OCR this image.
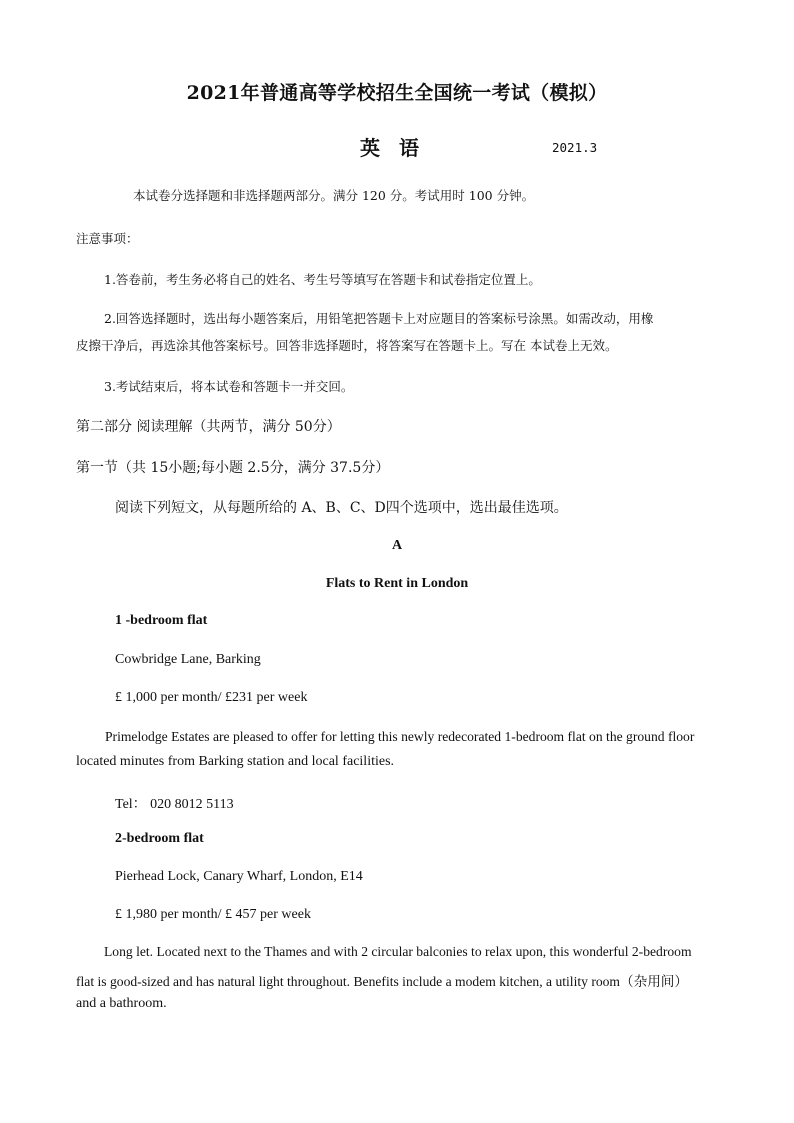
2021年普通高等学校招生全国统一考试（模拟）

英 语	2021.3

本试卷分选择题和非选择题两部分。满分 120 分。考试用时 100 分钟。

注意事项：

1.答卷前，考生务必将自己的姓名、考生号等填写在答题卡和试卷指定位置上。

2.回答选择题时，选出每小题答案后，用铅笔把答题卡上对应题目的答案标号涂黑。如需改动，用橡

皮擦干净后，再选涂其他答案标号。回答非选择题时，将答案写在答题卡上。写在 本试卷上无效。

3.考试结束后，将本试卷和答题卡一并交回。

第二部分 阅读理解（共两节，满分 50分）

第一节（共 15小题;每小题 2.5分，满分 37.5分）

阅读下列短文，从每题所给的 A、B、C、D四个选项中，选出最佳选项。

A

Flats to Rent in London

1 -bedroom flat

Cowbridge Lane, Barking

£ 1,000 per month/ £231 per week

Primelodge Estates are pleased to offer for letting this newly redecorated 1-bedroom flat on the ground floor

located minutes from Barking station and local facilities.

Tel： 020 8012 5113

2-bedroom flat

Pierhead Lock, Canary Wharf, London, E14

£ 1,980 per month/ £ 457 per week

Long let. Located next to the Thames and with 2 circular balconies to relax upon, this wonderful 2-bedroom

flat is good-sized and has natural light throughout. Benefits include a modem kitchen, a utility room（杂用间）

and a bathroom.
